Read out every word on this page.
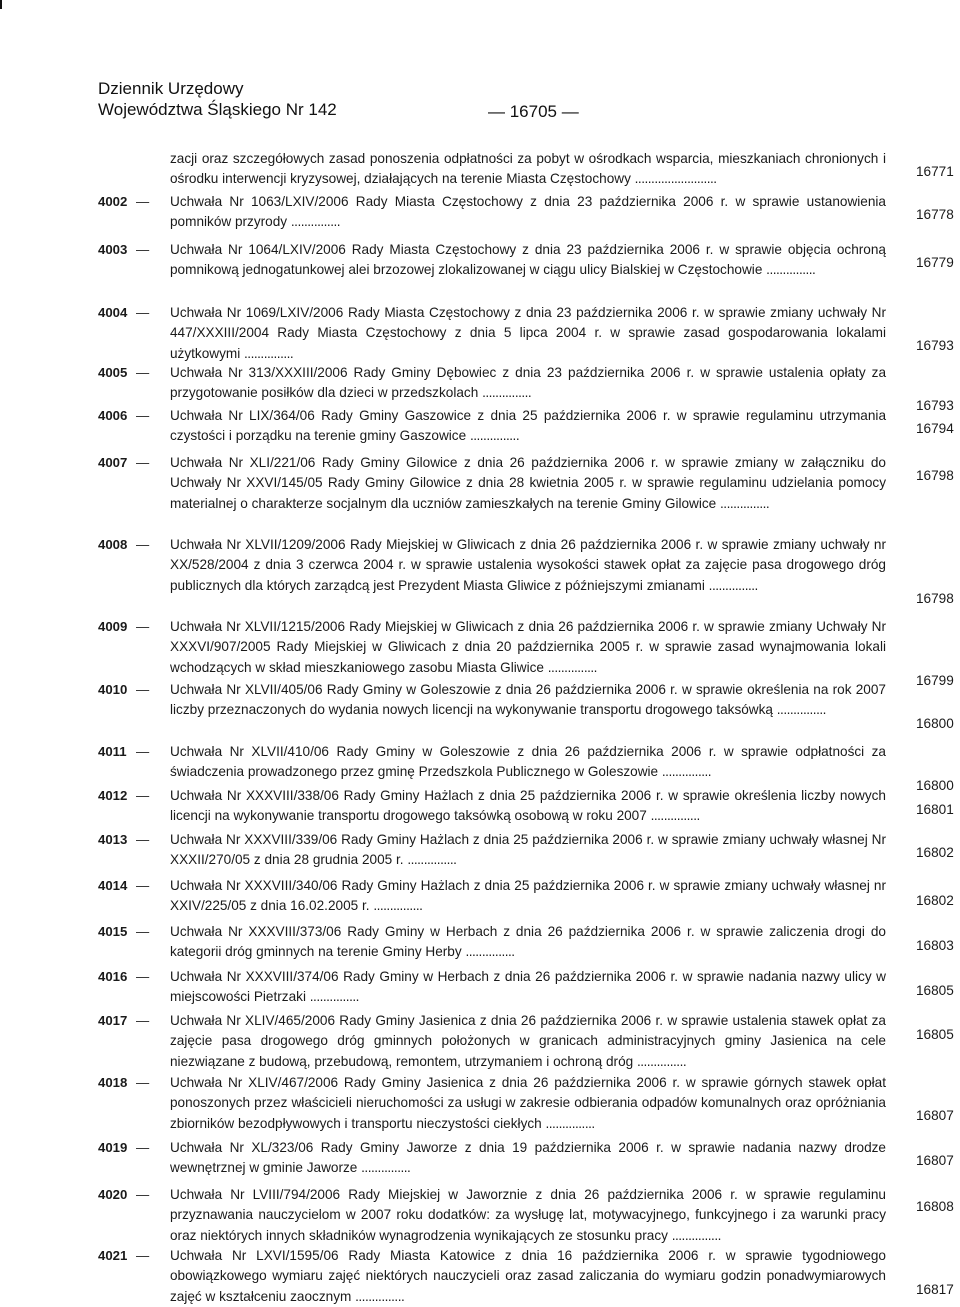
Dziennik Urzędowy
Województwa Śląskiego Nr 142	— 16705 —
zacji oraz szczegółowych zasad ponoszenia odpłatności za pobyt w ośrodkach wsparcia, mieszkaniach chronionych i ośrodku interwencji kryzysowej, działających na terenie Miasta Częstochowy .........................	16771
4002 — Uchwała Nr 1063/LXIV/2006 Rady Miasta Częstochowy z dnia 23 października 2006 r. w sprawie ustanowienia pomników przyrody ...............	16778
4003 — Uchwała Nr 1064/LXIV/2006 Rady Miasta Częstochowy z dnia 23 października 2006 r. w sprawie objęcia ochroną pomnikową jednogatunkowej alei brzozowej zlokalizowanej w ciągu ulicy Bialskiej w Częstochowie ...............	16779
4004 — Uchwała Nr 1069/LXIV/2006 Rady Miasta Częstochowy z dnia 23 października 2006 r. w sprawie zmiany uchwały Nr 447/XXXIII/2004 Rady Miasta Częstochowy z dnia 5 lipca 2004 r. w sprawie zasad gospodarowania lokalami użytkowymi ...............
16793
4005 — Uchwała Nr 313/XXXIII/2006 Rady Gminy Dębowiec z dnia 23 października 2006 r. w sprawie ustalenia opłaty za przygotowanie posiłków dla dzieci w przedszkolach ...............
16793
4006 — Uchwała Nr LIX/364/06 Rady Gminy Gaszowice z dnia 25 października 2006 r. w sprawie regulaminu utrzymania czystości i porządku na terenie gminy Gaszowice ...............	16794
4007 — Uchwała Nr XLI/221/06 Rady Gminy Gilowice z dnia 26 października 2006 r. w sprawie zmiany w załączniku do Uchwały Nr XXVI/145/05 Rady Gminy Gilowice z dnia 28 kwietnia 2005 r. w sprawie regulaminu udzielania pomocy materialnej o charakterze socjalnym dla uczniów zamieszkałych na terenie Gminy Gilowice ...............
16798
4008 — Uchwała Nr XLVII/1209/2006 Rady Miejskiej w Gliwicach z dnia 26 października 2006 r. w sprawie zmiany uchwały nr XX/528/2004 z dnia 3 czerwca 2004 r. w sprawie ustalenia wysokości stawek opłat za zajęcie pasa drogowego dróg publicznych dla których zarządcą jest Prezydent Miasta Gliwice z późniejszymi zmianami ...............
16798
4009 — Uchwała Nr XLVII/1215/2006 Rady Miejskiej w Gliwicach z dnia 26 października 2006 r. w sprawie zmiany Uchwały Nr XXXVI/907/2005 Rady Miejskiej w Gliwicach z dnia 20 października 2005 r. w sprawie zasad wynajmowania lokali wchodzących w skład mieszkaniowego zasobu Miasta Gliwice ...............
16799
4010 — Uchwała Nr XLVII/405/06 Rady Gminy w Goleszowie z dnia 26 października 2006 r. w sprawie określenia na rok 2007 liczby przeznaczonych do wydania nowych licencji na wykonywanie transportu drogowego taksówką ...............
16800
4011 — Uchwała Nr XLVII/410/06 Rady Gminy w Goleszowie z dnia 26 października 2006 r. w sprawie odpłatności za świadczenia prowadzonego przez gminę Przedszkola Publicznego w Goleszowie ...............
16800
4012 — Uchwała Nr XXXVIII/338/06 Rady Gminy Hażlach z dnia 25 października 2006 r. w sprawie określenia liczby nowych licencji na wykonywanie transportu drogowego taksówką osobową w roku 2007 ...............	16801
4013 — Uchwała Nr XXXVIII/339/06 Rady Gminy Hażlach z dnia 25 października 2006 r. w sprawie zmiany uchwały własnej Nr XXXII/270/05 z dnia 28 grudnia 2005 r. ...............	16802
4014 — Uchwała Nr XXXVIII/340/06 Rady Gminy Hażlach z dnia 25 października 2006 r. w sprawie zmiany uchwały własnej nr XXIV/225/05 z dnia 16.02.2005 r. ...............	16802
4015 — Uchwała Nr XXXVIII/373/06 Rady Gminy w Herbach z dnia 26 października 2006 r. w sprawie zaliczenia drogi do kategorii dróg gminnych na terenie Gminy Herby ...............	16803
4016 — Uchwała Nr XXXVIII/374/06 Rady Gminy w Herbach z dnia 26 października 2006 r. w sprawie nadania nazwy ulicy w miejscowości Pietrzaki ...............	16805
4017 — Uchwała Nr XLIV/465/2006 Rady Gminy Jasienica z dnia 26 października 2006 r. w sprawie ustalenia stawek opłat za zajęcie pasa drogowego dróg gminnych położonych w granicach administracyjnych gminy Jasienica na cele niezwiązane z budową, przebudową, remontem, utrzymaniem i ochroną dróg ...............
16805
4018 — Uchwała Nr XLIV/467/2006 Rady Gminy Jasienica z dnia 26 października 2006 r. w sprawie górnych stawek opłat ponoszonych przez właścicieli nieruchomości za usługi w zakresie odbierania odpadów komunalnych oraz opróżniania zbiorników bezodpływowych i transportu nieczystości ciekłych ...............
16807
4019 — Uchwała Nr XL/323/06 Rady Gminy Jaworze z dnia 19 października 2006 r. w sprawie nadania nazwy drodze wewnętrznej w gminie Jaworze ...............	16807
4020 — Uchwała Nr LVIII/794/2006 Rady Miejskiej w Jaworznie z dnia 26 października 2006 r. w sprawie regulaminu przyznawania nauczycielom w 2007 roku dodatków: za wysługę lat, motywacyjnego, funkcyjnego i za warunki pracy oraz niektórych innych składników wynagrodzenia wynikających ze stosunku pracy ...............
16808
4021 — Uchwała Nr LXVI/1595/06 Rady Miasta Katowice z dnia 16 października 2006 r. w sprawie tygodniowego obowiązkowego wymiaru zajęć niektórych nauczycieli oraz zasad zaliczania do wymiaru godzin ponadwymiarowych zajęć w kształceniu zaocznym ...............	16817
